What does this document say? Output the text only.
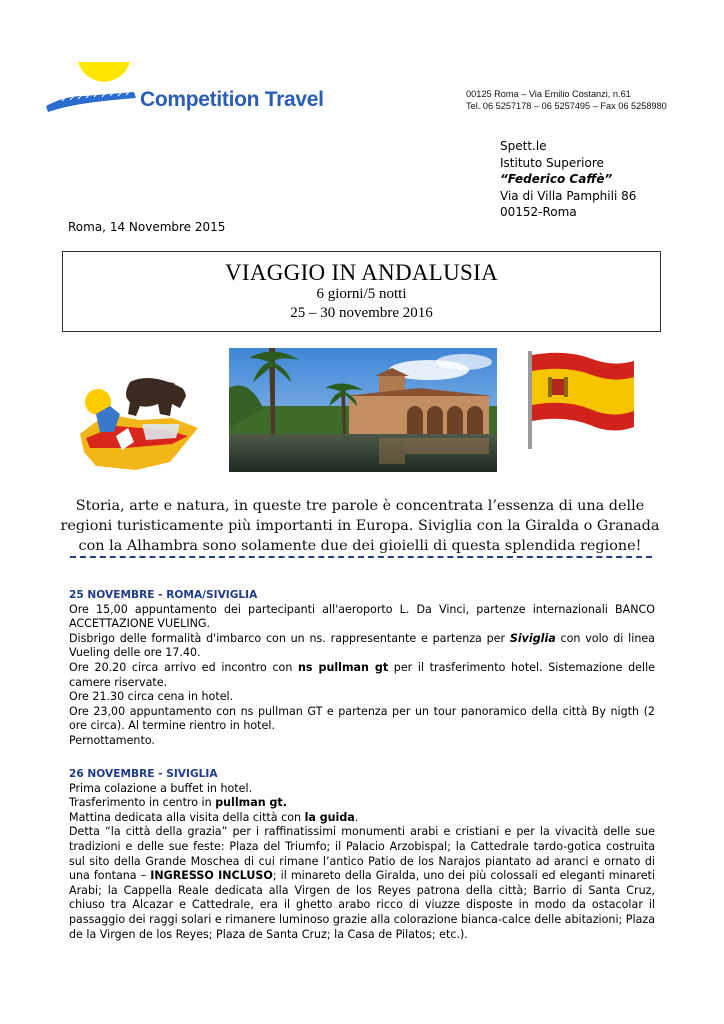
Competition Travel	00125 Roma – Via Emilio Costanzi, n.61
Tel. 06 5257178 – 06 5257495 – Fax 06 5258980
Spett.le
Istituto Superiore
“Federico Caffè”
Via di Villa Pamphili 86
00152-Roma
Roma, 14 Novembre 2015
VIAGGIO IN ANDALUSIA
6 giorni/5 notti
25 – 30 novembre 2016
Storia, arte e natura, in queste tre parole è concentrata l’essenza di una delle
regioni turisticamente più importanti in Europa. Siviglia con la Giralda o Granada
con la Alhambra sono solamente due dei gioielli di questa splendida regione!

25 NOVEMBRE - ROMA/SIVIGLIA

Ore 15,00 appuntamento dei partecipanti all'aeroporto L. Da Vinci, partenze internazionali BANCO ACCETTAZIONE VUELING.

Disbrigo delle formalità d'imbarco con un ns. rappresentante e partenza per Siviglia con volo di linea Vueling delle ore 17.40.

Ore 20.20 circa arrivo ed incontro con ns pullman gt per il trasferimento hotel. Sistemazione delle camere riservate.

Ore 21.30 circa cena in hotel.

Ore 23,00 appuntamento con ns pullman GT e partenza per un tour panoramico della città By nigth (2 ore circa). Al termine rientro in hotel.

Pernottamento.

26 NOVEMBRE - SIVIGLIA

Prima colazione a buffet in hotel.

Trasferimento in centro in pullman gt.

Mattina dedicata alla visita della città con la guida.

Detta “la città della grazia” per i raffinatissimi monumenti arabi e cristiani e per la vivacità delle sue tradizioni e delle sue feste: Plaza del Triumfo; il Palacio Arzobispal; la Cattedrale tardo-gotica costruita sul sito della Grande Moschea di cui rimane l’antico Patio de los Narajos piantato ad aranci e ornato di una fontana – INGRESSO INCLUSO; il minareto della Giralda, uno dei più colossali ed eleganti minareti Arabi; la Cappella Reale dedicata alla Virgen de los Reyes patrona della città; Barrio di Santa Cruz, chiuso tra Alcazar e Cattedrale, era il ghetto arabo ricco di viuzze disposte in modo da ostacolar il passaggio dei raggi solari e rimanere luminoso grazie alla colorazione bianca-calce delle abitazioni; Plaza de la Virgen de los Reyes; Plaza de Santa Cruz; la Casa de Pilatos; etc.).
